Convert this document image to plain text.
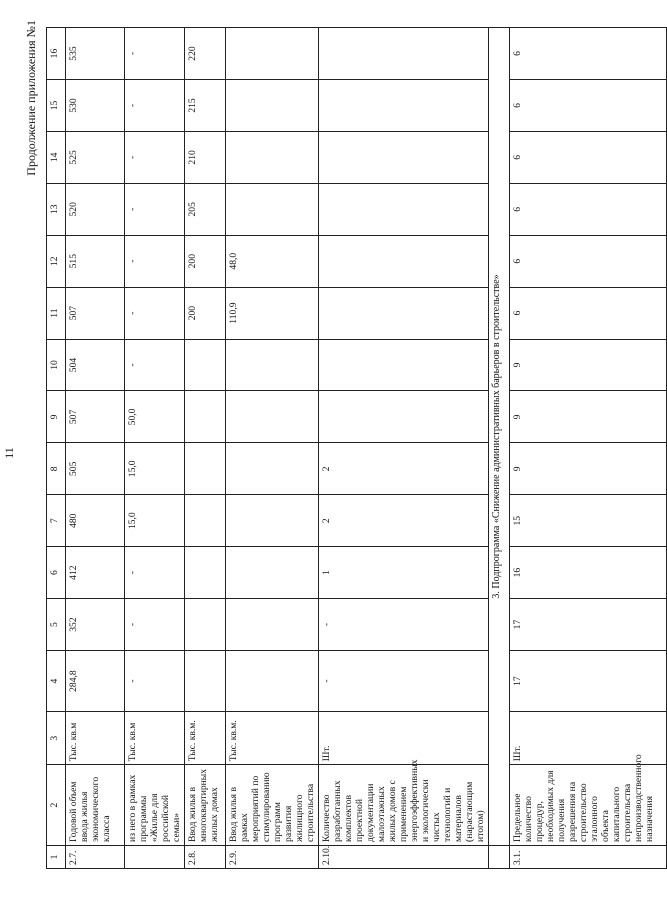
11
Продолжение приложения №1
1	2	3	4	5	6	7	8	9	10	11	12	13	14	15	16
2.7.	Годовой объем ввода жилья экономического класса	Тыс. кв.м	284,8	352	412	480	505	507	504	507	515	520	525	530	535
	из него в рамках программы «Жилье для российской семьи»	Тыс. кв.м	-	-	-	15,0	15,0	50,0	-	-	-	-	-	-	-
2.8.	Ввод жилья в многоквартирных жилых домах	Тыс. кв.м.								200	200	205	210	215	220
2.9.	Ввод жилья в рамках мероприятий по стимулированию программ развития жилищного строительства	Тыс. кв.м.								110,9	48,0				
2.10.	Количество разработанных комплектов проектной документации малоэтажных жилых домов с применением энергоэффективных и экологически чистых технологий и материалов (нарастающим итогом)	Шт.	-	-	1	2	2								
	3. Подпрограмма «Снижение административных барьеров в строительстве»														
3.1.	Предельное количество процедур, необходимых для получения разрешения на строительство эталонного объекта капитального строительства непроизводственного назначения	Шт.	17	17	16	15	9	9	9	6	6	6	6	6	6
